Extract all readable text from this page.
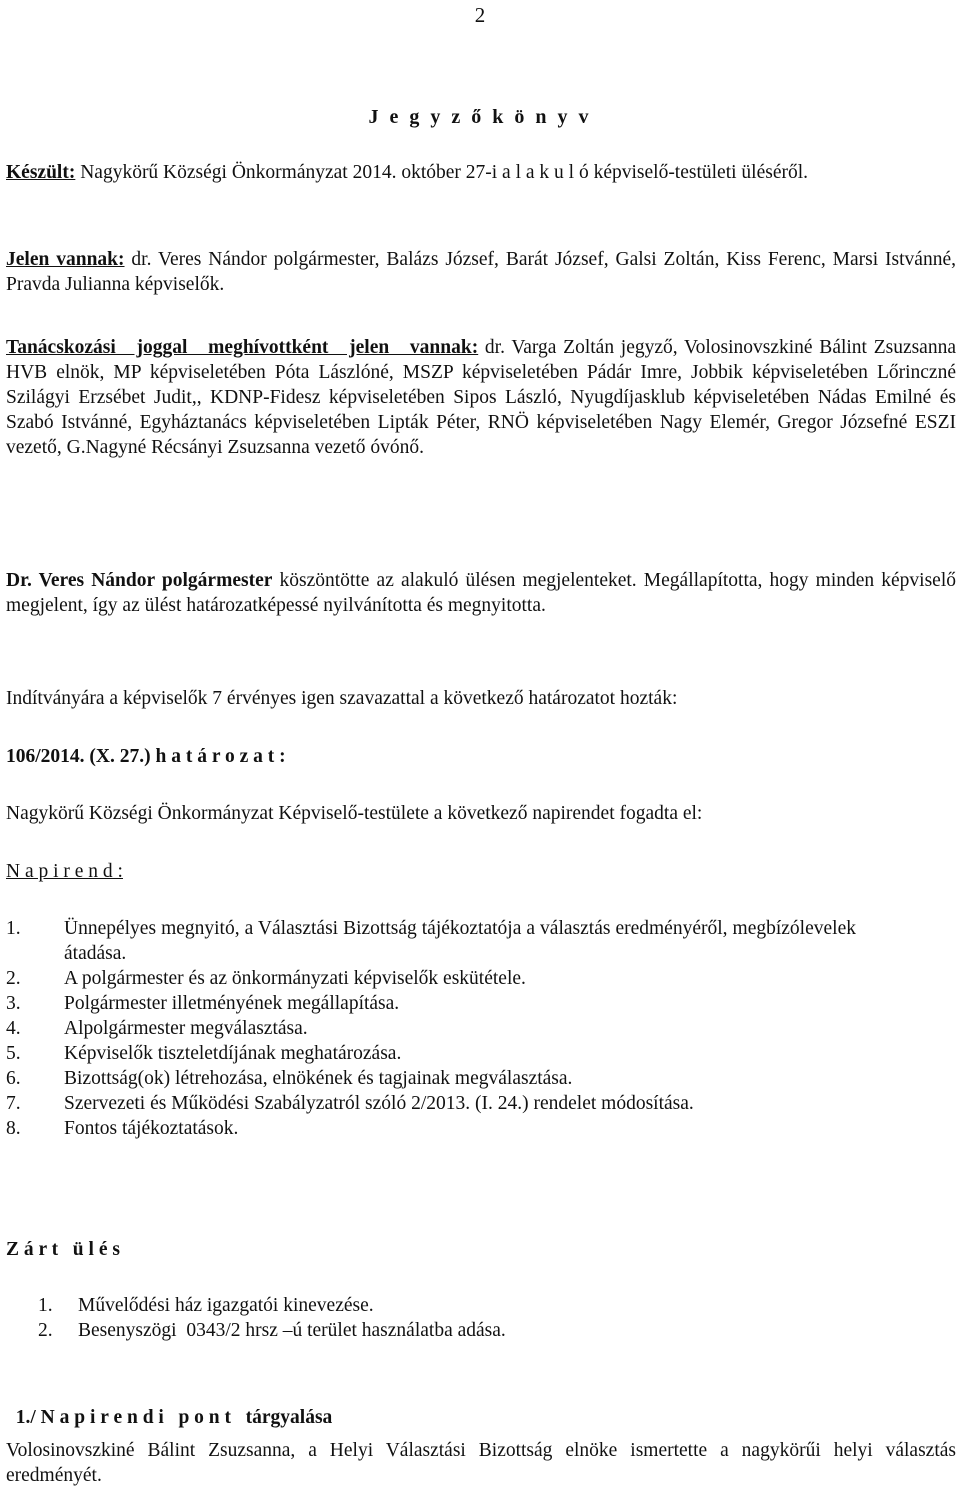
2
J e g y z ő k ö n y v
Készült: Nagykörű Községi Önkormányzat 2014. október 27-i a l a k u l ó képviselő-testületi üléséről.
Jelen vannak: dr. Veres Nándor polgármester, Balázs József, Barát József, Galsi Zoltán, Kiss Ferenc, Marsi Istvánné, Pravda Julianna képviselők.
Tanácskozási joggal meghívottként jelen vannak: dr. Varga Zoltán jegyző, Volosinovszkiné Bálint Zsuzsanna HVB elnök, MP képviseletében Póta Lászlóné, MSZP képviseletében Pádár Imre, Jobbik képviseletében Lőrinczné Szilágyi Erzsébet Judit,, KDNP-Fidesz képviseletében Sipos László, Nyugdíjasklub képviseletében Nádas Emilné és Szabó Istvánné, Egyháztanács képviseletében Lipták Péter, RNÖ képviseletében Nagy Elemér, Gregor Józsefné ESZI vezető, G.Nagyné Récsányi Zsuzsanna vezető óvónő.
Dr. Veres Nándor polgármester köszöntötte az alakuló ülésen megjelenteket. Megállapította, hogy minden képviselő megjelent, így az ülést határozatképessé nyilvánította és megnyitotta.
Indítványára a képviselők 7 érvényes igen szavazattal a következő határozatot hozták:
106/2014. (X. 27.) h a t á r o z a t :
Nagykörű Községi Önkormányzat Képviselő-testülete a következő napirendet fogadta el:
N a p i r e n d :
1. Ünnepélyes megnyitó, a Választási Bizottság tájékoztatója a választás eredményéről, megbízólevelek átadása.
2. A polgármester és az önkormányzati képviselők eskütétele.
3. Polgármester illetményének megállapítása.
4. Alpolgármester megválasztása.
5. Képviselők tiszteletdíjának meghatározása.
6. Bizottság(ok) létrehozása, elnökének és tagjainak megválasztása.
7. Szervezeti és Működési Szabályzatról szóló 2/2013. (I. 24.) rendelet módosítása.
8. Fontos tájékoztatások.
Z á r t   ü l é s
1. Művelődési ház igazgatói kinevezése.
2. Besenyszögi  0343/2 hrsz –ú terület használatba adása.

1./ N a p i r e n d i   p o n t tárgyalása

Volosinovszkiné Bálint Zsuzsanna, a Helyi Választási Bizottság elnöke ismertette a nagykörűi helyi választás eredményét.
